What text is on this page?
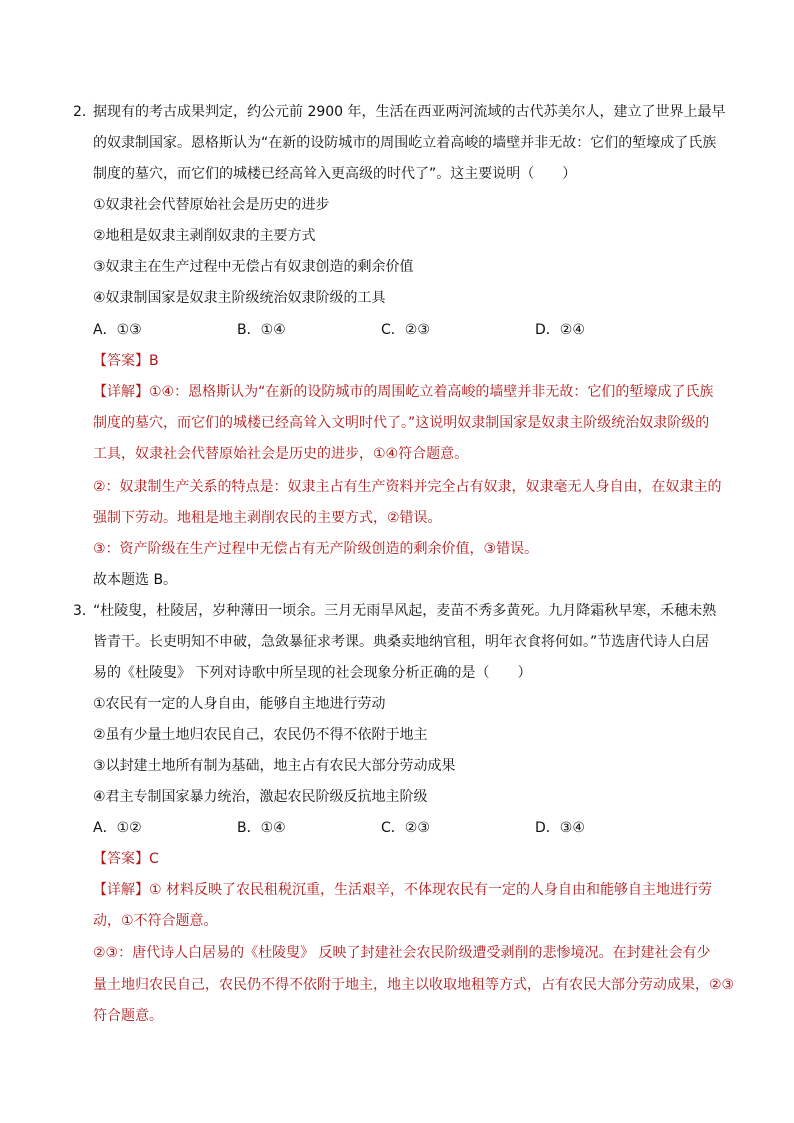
2．
据现有的考古成果判定，约公元前 2900 年，生活在西亚两河流域的古代苏美尔人，建立了世界上最早
的奴隶制国家。恩格斯认为“在新的设防城市的周围屹立着高峻的墙壁并非无故：它们的堑壕成了氏族
制度的墓穴，而它们的城楼已经高耸入更高级的时代了”。这主要说明（　　）
①奴隶社会代替原始社会是历史的进步
②地租是奴隶主剥削奴隶的主要方式
③奴隶主在生产过程中无偿占有奴隶创造的剩余价值
④奴隶制国家是奴隶主阶级统治奴隶阶级的工具
A．①③	B．①④	C．②③	D．②④
【答案】B
【详解】①④：恩格斯认为“在新的设防城市的周围屹立着高峻的墙壁并非无故：它们的堑壕成了氏族
制度的墓穴，而它们的城楼已经高耸入文明时代了。”这说明奴隶制国家是奴隶主阶级统治奴隶阶级的
工具，奴隶社会代替原始社会是历史的进步，①④符合题意。
②：奴隶制生产关系的特点是：奴隶主占有生产资料并完全占有奴隶，奴隶毫无人身自由，在奴隶主的
强制下劳动。地租是地主剥削农民的主要方式，②错误。
③：资产阶级在生产过程中无偿占有无产阶级创造的剩余价值，③错误。
故本题选 B。
3．
“杜陵叟，杜陵居，岁种薄田一顷余。三月无雨旱风起，麦苗不秀多黄死。九月降霜秋早寒，禾穗未熟
皆青干。长吏明知不申破，急敛暴征求考课。典桑卖地纳官租，明年衣食将何如。”节选唐代诗人白居
易的《杜陵叟》 下列对诗歌中所呈现的社会现象分析正确的是（　　）
①农民有一定的人身自由，能够自主地进行劳动
②虽有少量土地归农民自己，农民仍不得不依附于地主
③以封建土地所有制为基础，地主占有农民大部分劳动成果
④君主专制国家暴力统治，激起农民阶级反抗地主阶级
A．①②	B．①④	C．②③	D．③④
【答案】C
【详解】① 材料反映了农民租税沉重，生活艰辛，不体现农民有一定的人身自由和能够自主地进行劳
动，①不符合题意。
②③：唐代诗人白居易的《杜陵叟》 反映了封建社会农民阶级遭受剥削的悲惨境况。在封建社会有少
量土地归农民自己，农民仍不得不依附于地主，地主以收取地租等方式，占有农民大部分劳动成果，②③
符合题意。
